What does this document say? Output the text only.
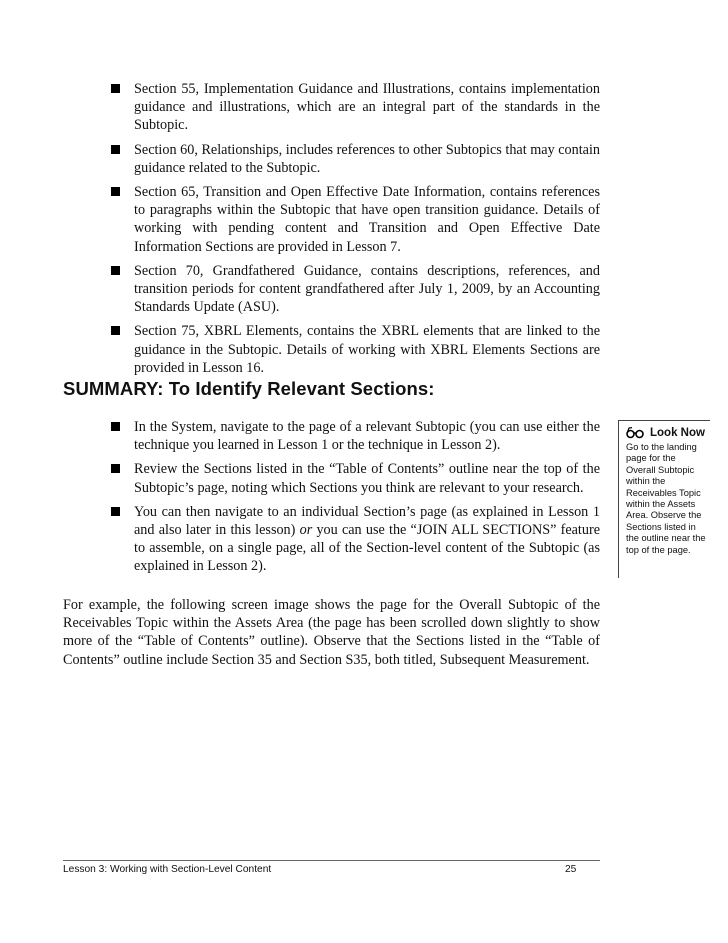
Section 55, Implementation Guidance and Illustrations, contains implementation guidance and illustrations, which are an integral part of the standards in the Subtopic.
Section 60, Relationships, includes references to other Subtopics that may contain guidance related to the Subtopic.
Section 65, Transition and Open Effective Date Information, contains references to paragraphs within the Subtopic that have open transition guidance. Details of working with pending content and Transition and Open Effective Date Information Sections are provided in Lesson 7.
Section 70, Grandfathered Guidance, contains descriptions, references, and transition periods for content grandfathered after July 1, 2009, by an Accounting Standards Update (ASU).
Section 75, XBRL Elements, contains the XBRL elements that are linked to the guidance in the Subtopic. Details of working with XBRL Elements Sections are provided in Lesson 16.
SUMMARY: To Identify Relevant Sections:
In the System, navigate to the page of a relevant Subtopic (you can use either the technique you learned in Lesson 1 or the technique in Lesson 2).
Review the Sections listed in the “Table of Contents” outline near the top of the Subtopic’s page, noting which Sections you think are relevant to your research.
You can then navigate to an individual Section’s page (as explained in Lesson 1 and also later in this lesson) or you can use the “JOIN ALL SECTIONS” feature to assemble, on a single page, all of the Section-level content of the Subtopic (as explained in Lesson 2).
Look Now
Go to the landing page for the Overall Subtopic within the Receivables Topic within the Assets Area. Observe the Sections listed in the outline near the top of the page.

For example, the following screen image shows the page for the Overall Subtopic of the Receivables Topic within the Assets Area (the page has been scrolled down slightly to show more of the “Table of Contents” outline). Observe that the Sections listed in the “Table of Contents” outline include Section 35 and Section S35, both titled, Subsequent Measurement.

Lesson 3: Working with Section-Level Content	25
